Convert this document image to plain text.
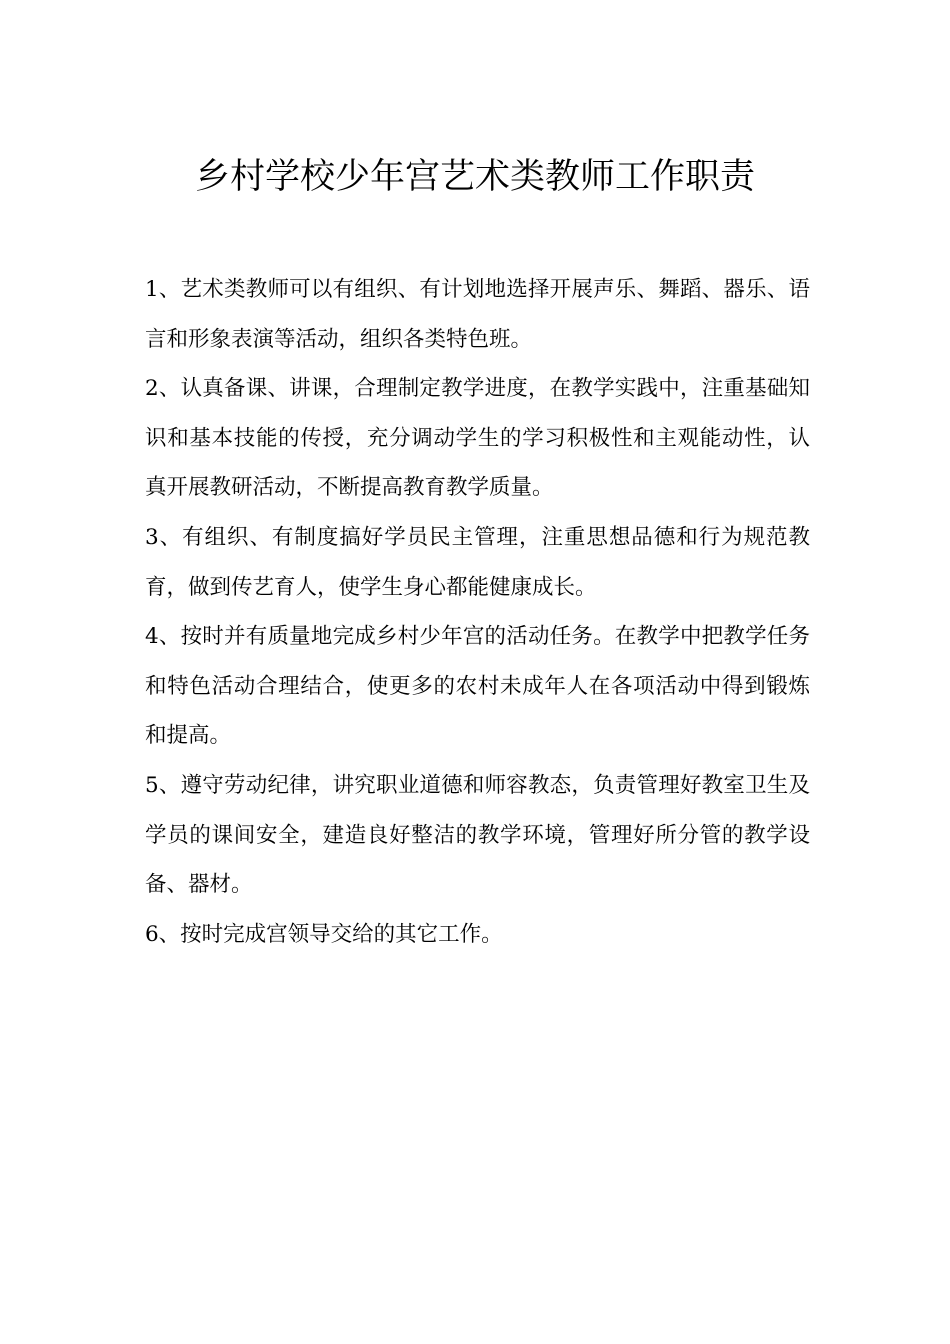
乡村学校少年宫艺术类教师工作职责

1、艺术类教师可以有组织、有计划地选择开展声乐、舞蹈、器乐、语言和形象表演等活动，组织各类特色班。

2、认真备课、讲课，合理制定教学进度，在教学实践中，注重基础知识和基本技能的传授，充分调动学生的学习积极性和主观能动性，认真开展教研活动，不断提高教育教学质量。

3、有组织、有制度搞好学员民主管理，注重思想品德和行为规范教育，做到传艺育人，使学生身心都能健康成长。

4、按时并有质量地完成乡村少年宫的活动任务。在教学中把教学任务和特色活动合理结合，使更多的农村未成年人在各项活动中得到锻炼和提高。

5、遵守劳动纪律，讲究职业道德和师容教态，负责管理好教室卫生及学员的课间安全，建造良好整洁的教学环境，管理好所分管的教学设备、器材。

6、按时完成宫领导交给的其它工作。
